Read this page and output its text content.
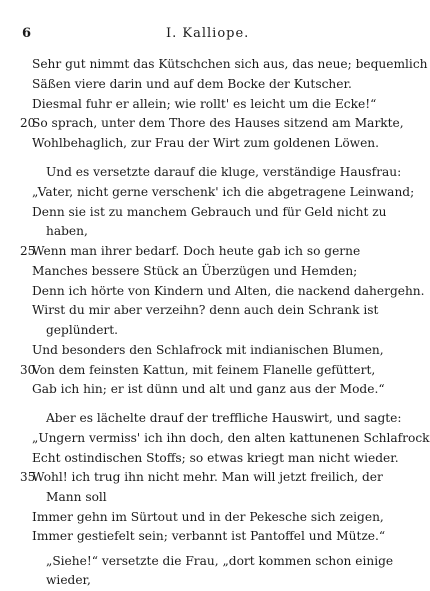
6	I. Kalliope.
Sehr gut nimmt das Kütschchen sich aus, das neue; bequemlich
Säßen viere darin und auf dem Bocke der Kutscher.
Diesmal fuhr er allein; wie rollt' es leicht um die Ecke!“
20
So sprach, unter dem Thore des Hauses sitzend am Markte,
Wohlbehaglich, zur Frau der Wirt zum goldenen Löwen.
Und es versetzte darauf die kluge, verständige Hausfrau:
„Vater, nicht gerne verschenk' ich die abgetragene Leinwand;
Denn sie ist zu manchem Gebrauch und für Geld nicht zu
haben,
25
Wenn man ihrer bedarf. Doch heute gab ich so gerne
Manches bessere Stück an Überzügen und Hemden;
Denn ich hörte von Kindern und Alten, die nackend dahergehn.
Wirst du mir aber verzeihn? denn auch dein Schrank ist
geplündert.
Und besonders den Schlafrock mit indianischen Blumen,
30
Von dem feinsten Kattun, mit feinem Flanelle gefüttert,
Gab ich hin; er ist dünn und alt und ganz aus der Mode.“
Aber es lächelte drauf der treffliche Hauswirt, und sagte:
„Ungern vermiss' ich ihn doch, den alten kattunenen Schlafrock
Echt ostindischen Stoffs; so etwas kriegt man nicht wieder.
35
Wohl! ich trug ihn nicht mehr. Man will jetzt freilich, der
Mann soll
Immer gehn im Sürtout und in der Pekesche sich zeigen,
Immer gestiefelt sein; verbannt ist Pantoffel und Mütze.“
„Siehe!“ versetzte die Frau, „dort kommen schon einige
wieder,
